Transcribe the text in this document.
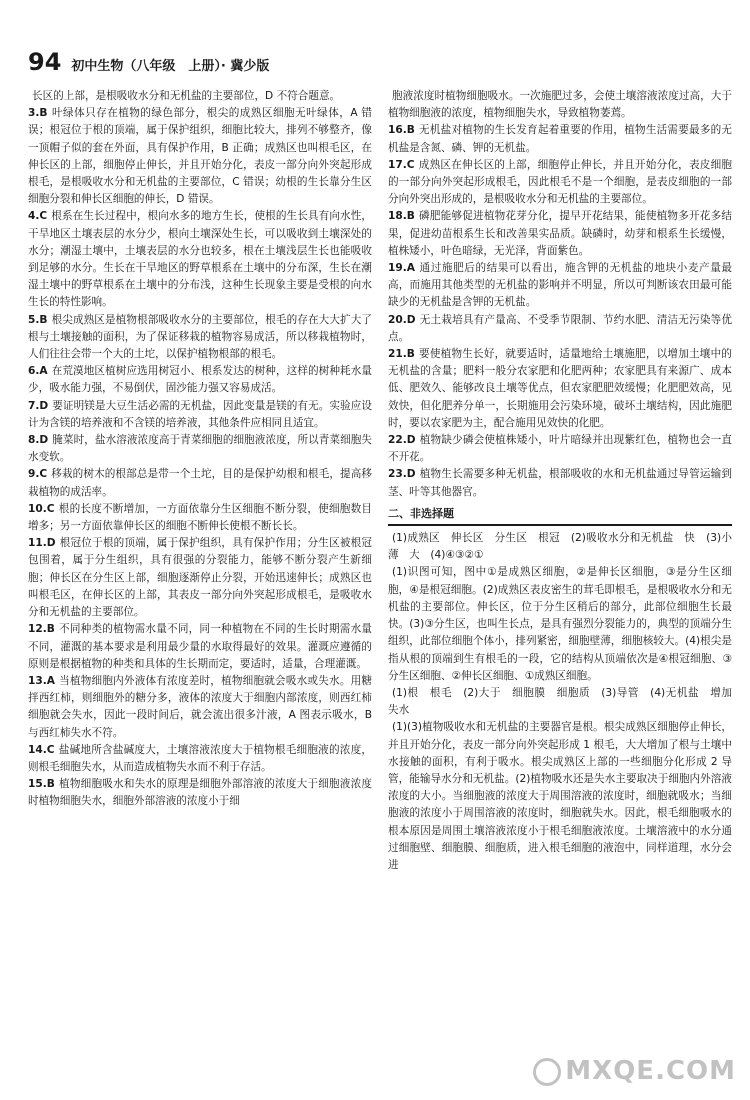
94 初中生物（八年级　上册）· 冀少版

长区的上部，是根吸收水分和无机盐的主要部位，D 不符合题意。

3.B 叶绿体只存在植物的绿色部分，根尖的成熟区细胞无叶绿体，A 错误；根冠位于根的顶端，属于保护组织，细胞比较大，排列不够整齐，像一顶帽子似的套在外面，具有保护作用，B 正确；成熟区也叫根毛区，在伸长区的上部，细胞停止伸长，并且开始分化，表皮一部分向外突起形成根毛，是根吸收水分和无机盐的主要部位，C 错误；幼根的生长靠分生区细胞分裂和伸长区细胞的伸长，D 错误。

4.C 根系在生长过程中，根向水多的地方生长，使根的生长具有向水性，干旱地区土壤表层的水分少，根向土壤深处生长，可以吸收到土壤深处的水分；潮湿土壤中，土壤表层的水分也较多，根在土壤浅层生长也能吸收到足够的水分。生长在干旱地区的野草根系在土壤中的分布深，生长在潮湿土壤中的野草根系在土壤中的分布浅，这种生长现象主要是受根的向水生长的特性影响。

5.B 根尖成熟区是植物根部吸收水分的主要部位，根毛的存在大大扩大了根与土壤接触的面积，为了保证移栽的植物容易成活，所以移栽植物时，人们往往会带一个大的土坨，以保护植物根部的根毛。

6.A 在荒漠地区植树应选用树冠小、根系发达的树种，这样的树种耗水量少，吸水能力强，不易倒伏，固沙能力强又容易成活。

7.D 要证明镁是大豆生活必需的无机盐，因此变量是镁的有无。实验应设计为含镁的培养液和不含镁的培养液，其他条件应相同且适宜。

8.D 腌菜时，盐水溶液浓度高于青菜细胞的细胞液浓度，所以青菜细胞失水变软。

9.C 移栽的树木的根部总是带一个土坨，目的是保护幼根和根毛，提高移栽植物的成活率。

10.C 根的长度不断增加，一方面依靠分生区细胞不断分裂，使细胞数目增多；另一方面依靠伸长区的细胞不断伸长使根不断长长。

11.D 根冠位于根的顶端，属于保护组织，具有保护作用；分生区被根冠包围着，属于分生组织，具有很强的分裂能力，能够不断分裂产生新细胞；伸长区在分生区上部，细胞逐渐停止分裂，开始迅速伸长；成熟区也叫根毛区，在伸长区的上部，其表皮一部分向外突起形成根毛，是吸收水分和无机盐的主要部位。

12.B 不同种类的植物需水量不同，同一种植物在不同的生长时期需水量不同，灌溉的基本要求是利用最少量的水取得最好的效果。灌溉应遵循的原则是根据植物的种类和具体的生长期而定，要适时，适量，合理灌溉。

13.A 当植物细胞内外液体有浓度差时，植物细胞就会吸水或失水。用糖拌西红柿，则细胞外的糖分多，液体的浓度大于细胞内部浓度，则西红柿细胞就会失水，因此一段时间后，就会流出很多汁液，A 图表示吸水，B 与西红柿失水不符。

14.C 盐碱地所含盐碱度大，土壤溶液浓度大于植物根毛细胞液的浓度，则根毛细胞失水，从而造成植物失水而不利于存活。

15.B 植物细胞吸水和失水的原理是细胞外部溶液的浓度大于细胞液浓度时植物细胞失水，细胞外部溶液的浓度小于细

胞液浓度时植物细胞吸水。一次施肥过多，会使土壤溶液浓度过高，大于植物细胞液的浓度，植物细胞失水，导致植物萎蔫。

16.B 无机盐对植物的生长发育起着重要的作用，植物生活需要最多的无机盐是含氮、磷、钾的无机盐。

17.C 成熟区在伸长区的上部，细胞停止伸长，并且开始分化，表皮细胞的一部分向外突起形成根毛，因此根毛不是一个细胞，是表皮细胞的一部分向外突出形成的，是根吸收水分和无机盐的主要部位。

18.B 磷肥能够促进植物花芽分化，提早开花结果，能使植物多开花多结果，促进幼苗根系生长和改善果实品质。缺磷时，幼芽和根系生长缓慢，植株矮小，叶色暗绿，无光泽，背面紫色。

19.A 通过施肥后的结果可以看出，施含钾的无机盐的地块小麦产量最高，而施用其他类型的无机盐的影响并不明显，所以可判断该农田最可能缺少的无机盐是含钾的无机盐。

20.D 无土栽培具有产量高、不受季节限制、节约水肥、清洁无污染等优点。

21.B 要使植物生长好，就要适时，适量地给土壤施肥，以增加土壤中的无机盐的含量；肥料一般分农家肥和化肥两种；农家肥具有来源广、成本低、肥效久、能够改良土壤等优点，但农家肥肥效缓慢；化肥肥效高，见效快，但化肥养分单一，长期施用会污染环境，破坏土壤结构，因此施肥时，要以农家肥为主，配合施用见效快的化肥。

22.D 植物缺少磷会使植株矮小，叶片暗绿并出现紫红色，植物也会一直不开花。

23.D 植物生长需要多种无机盐，根部吸收的水和无机盐通过导管运输到茎、叶等其他器官。

二、非选择题

(1)成熟区　伸长区　分生区　根冠　(2)吸收水分和无机盐　快　(3)小　薄　大　(4)④③②①

(1)识图可知，图中①是成熟区细胞，②是伸长区细胞，③是分生区细胞，④是根冠细胞。(2)成熟区表皮密生的茸毛即根毛，是根吸收水分和无机盐的主要部位。伸长区，位于分生区稍后的部分，此部位细胞生长最快。(3)③分生区，也叫生长点，是具有强烈分裂能力的，典型的顶端分生组织，此部位细胞个体小，排列紧密，细胞壁薄，细胞核较大。(4)根尖是指从根的顶端到生有根毛的一段，它的结构从顶端依次是④根冠细胞、③分生区细胞、②伸长区细胞、①成熟区细胞。

(1)根　根毛　(2)大于　细胞膜　细胞质　(3)导管　(4)无机盐　增加　失水

(1)(3)植物吸收水和无机盐的主要器官是根。根尖成熟区细胞停止伸长，并且开始分化，表皮一部分向外突起形成 1 根毛，大大增加了根与土壤中水接触的面积，有利于吸水。根尖成熟区上部的一些细胞分化形成 2 导管，能输导水分和无机盐。(2)植物吸水还是失水主要取决于细胞内外溶液浓度的大小。当细胞液的浓度大于周围溶液的浓度时，细胞就吸水；当细胞液的浓度小于周围溶液的浓度时，细胞就失水。因此，根毛细胞吸水的根本原因是周围土壤溶液浓度小于根毛细胞液浓度。土壤溶液中的水分通过细胞壁、细胞膜、细胞质，进入根毛细胞的液泡中，同样道理，水分会进

MXQE.COM
